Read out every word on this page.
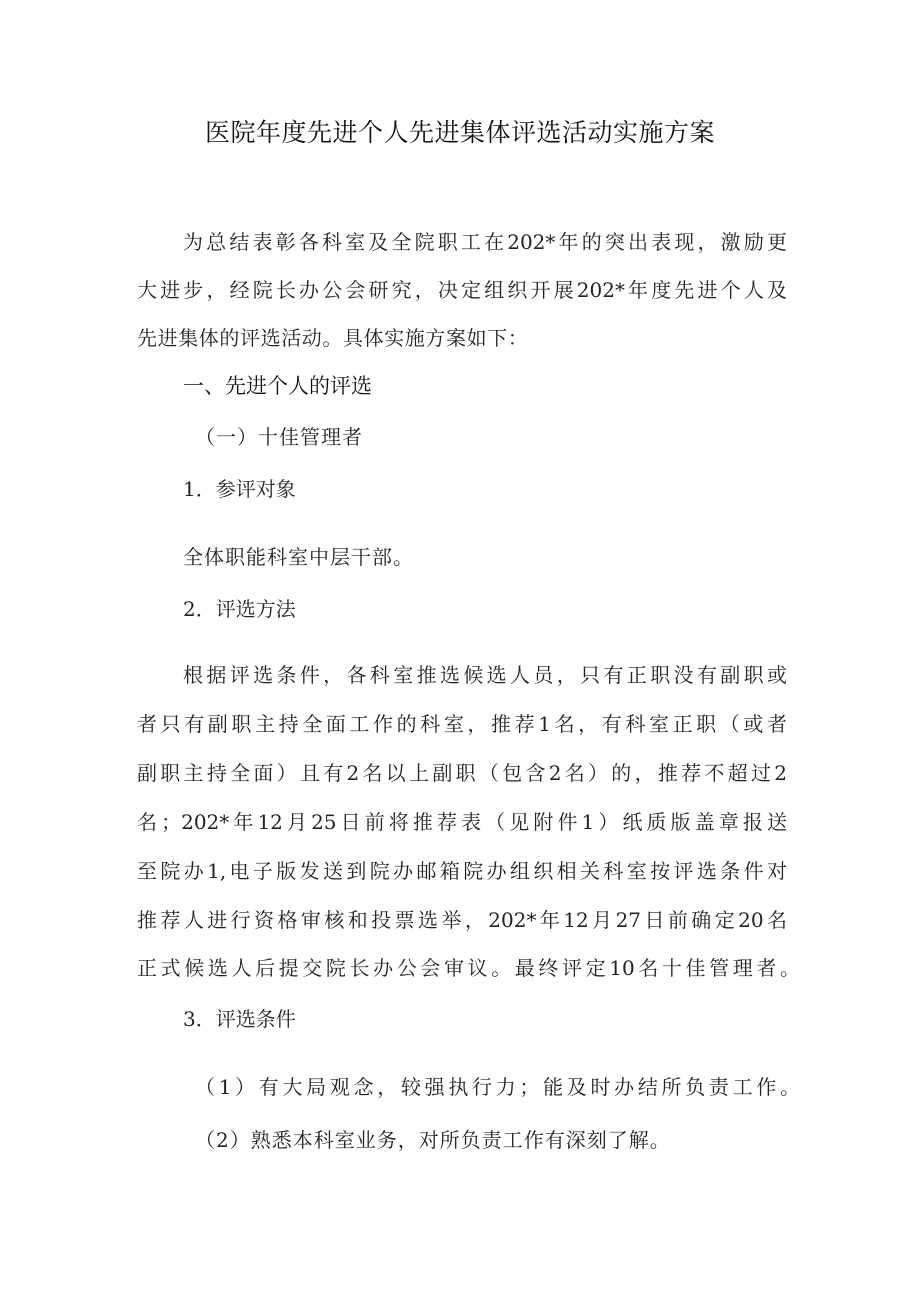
医院年度先进个人先进集体评选活动实施方案

为总结表彰各科室及全院职工在202*年的突出表现，激励更

大进步，经院长办公会研究，决定组织开展202*年度先进个人及

先进集体的评选活动。具体实施方案如下：

一、先进个人的评选
（一）十佳管理者
1．参评对象

全体职能科室中层干部。

2．评选方法

根据评选条件，各科室推选候选人员，只有正职没有副职或

者只有副职主持全面工作的科室，推荐1名，有科室正职（或者

副职主持全面）且有2名以上副职（包含2名）的，推荐不超过2

名；202*年12月25日前将推荐表（见附件1）纸质版盖章报送

至院办1,电子版发送到院办邮箱院办组织相关科室按评选条件对

推荐人进行资格审核和投票选举，202*年12月27日前确定20名

正式候选人后提交院长办公会审议。最终评定10名十佳管理者。

3．评选条件

（1）有大局观念，较强执行力；能及时办结所负责工作。

（2）熟悉本科室业务，对所负责工作有深刻了解。
